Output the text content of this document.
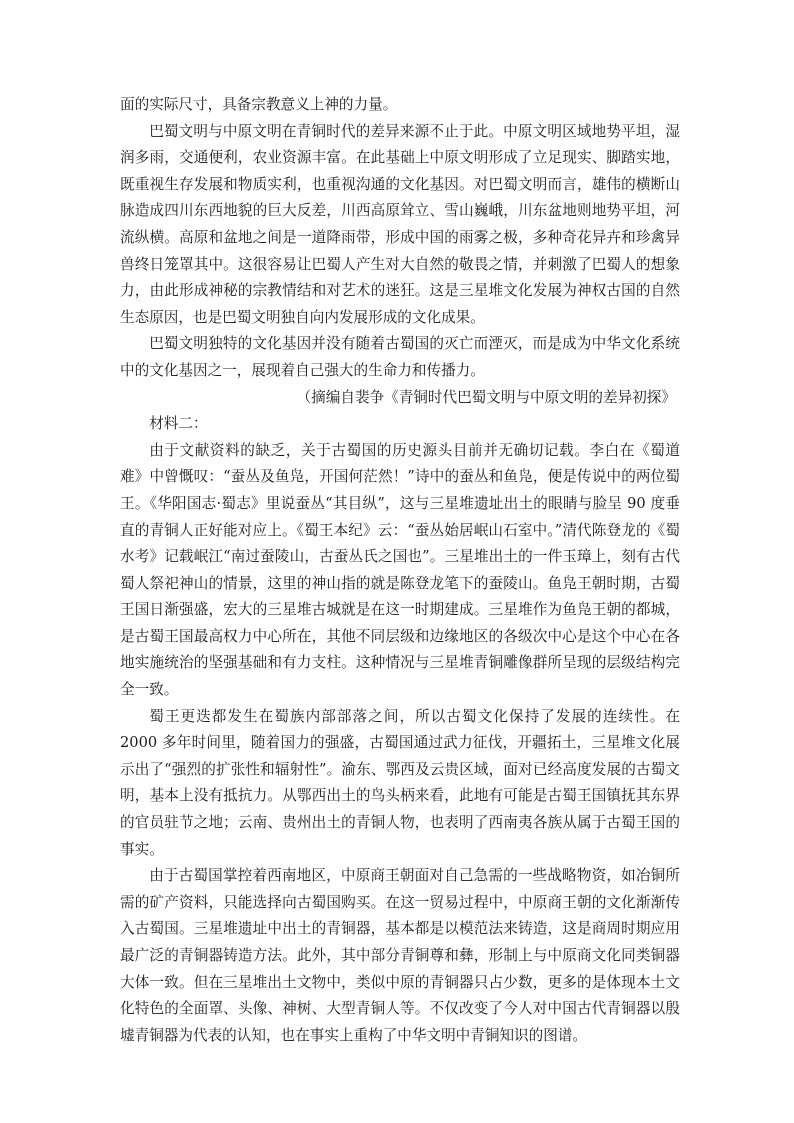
面的实际尺寸，具备宗教意义上神的力量。

巴蜀文明与中原文明在青铜时代的差异来源不止于此。中原文明区域地势平坦，湿润多雨，交通便利，农业资源丰富。在此基础上中原文明形成了立足现实、脚踏实地，既重视生存发展和物质实利，也重视沟通的文化基因。对巴蜀文明而言，雄伟的横断山脉造成四川东西地貌的巨大反差，川西高原耸立、雪山巍峨，川东盆地则地势平坦，河流纵横。高原和盆地之间是一道降雨带，形成中国的雨雾之极，多种奇花异卉和珍禽异兽终日笼罩其中。这很容易让巴蜀人产生对大自然的敬畏之情，并刺激了巴蜀人的想象力，由此形成神秘的宗教情结和对艺术的迷狂。这是三星堆文化发展为神权古国的自然生态原因，也是巴蜀文明独自向内发展形成的文化成果。

巴蜀文明独特的文化基因并没有随着古蜀国的灭亡而湮灭，而是成为中华文化系统中的文化基因之一，展现着自己强大的生命力和传播力。

（摘编自裴争《青铜时代巴蜀文明与中原文明的差异初探》

材料二：

由于文献资料的缺乏，关于古蜀国的历史源头目前并无确切记载。李白在《蜀道难》中曾慨叹：“蚕丛及鱼凫，开国何茫然！”诗中的蚕丛和鱼凫，便是传说中的两位蜀王。《华阳国志·蜀志》里说蚕丛“其目纵”，这与三星堆遗址出土的眼睛与脸呈 90 度垂直的青铜人正好能对应上。《蜀王本纪》云：“蚕丛始居岷山石室中。”清代陈登龙的《蜀水考》记载岷江“南过蚕陵山，古蚕丛氏之国也”。三星堆出土的一件玉璋上，刻有古代蜀人祭祀神山的情景，这里的神山指的就是陈登龙笔下的蚕陵山。鱼凫王朝时期，古蜀王国日渐强盛，宏大的三星堆古城就是在这一时期建成。三星堆作为鱼凫王朝的都城，是古蜀王国最高权力中心所在，其他不同层级和边缘地区的各级次中心是这个中心在各地实施统治的坚强基础和有力支柱。这种情况与三星堆青铜雕像群所呈现的层级结构完全一致。

蜀王更迭都发生在蜀族内部部落之间，所以古蜀文化保持了发展的连续性。在 2000 多年时间里，随着国力的强盛，古蜀国通过武力征伐，开疆拓土，三星堆文化展示出了“强烈的扩张性和辐射性”。渝东、鄂西及云贵区域，面对已经高度发展的古蜀文明，基本上没有抵抗力。从鄂西出土的鸟头柄来看，此地有可能是古蜀王国镇抚其东界的官员驻节之地；云南、贵州出土的青铜人物，也表明了西南夷各族从属于古蜀王国的事实。

由于古蜀国掌控着西南地区，中原商王朝面对自己急需的一些战略物资，如冶铜所需的矿产资料，只能选择向古蜀国购买。在这一贸易过程中，中原商王朝的文化渐渐传入古蜀国。三星堆遗址中出土的青铜器，基本都是以模范法来铸造，这是商周时期应用最广泛的青铜器铸造方法。此外，其中部分青铜尊和彝，形制上与中原商文化同类铜器大体一致。但在三星堆出土文物中，类似中原的青铜器只占少数，更多的是体现本土文化特色的全面罩、头像、神树、大型青铜人等。不仅改变了今人对中国古代青铜器以殷墟青铜器为代表的认知，也在事实上重构了中华文明中青铜知识的图谱。
